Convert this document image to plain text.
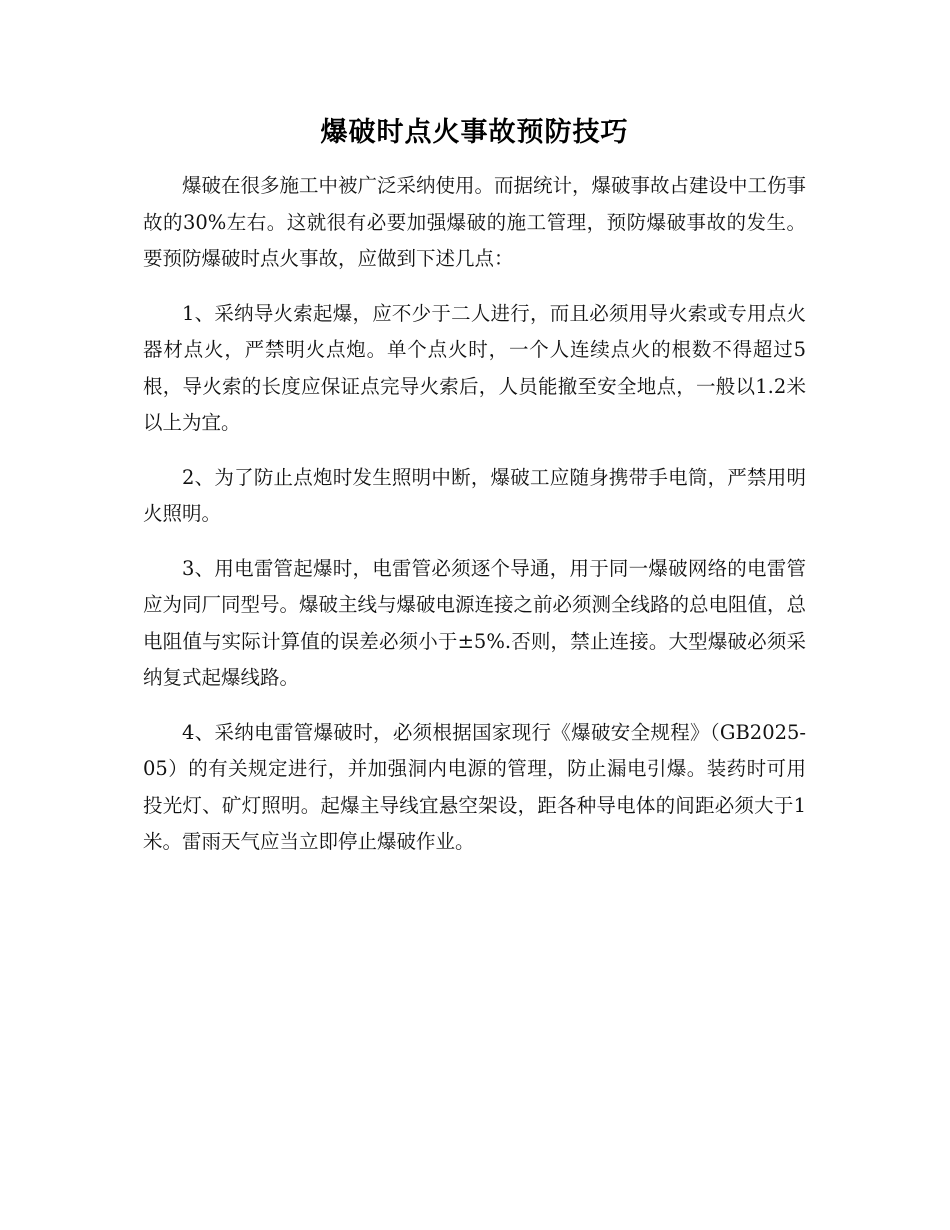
爆破时点火事故预防技巧

爆破在很多施工中被广泛采纳使用。而据统计，爆破事故占建设中工伤事故的30%左右。这就很有必要加强爆破的施工管理，预防爆破事故的发生。要预防爆破时点火事故，应做到下述几点：

1、采纳导火索起爆，应不少于二人进行，而且必须用导火索或专用点火器材点火，严禁明火点炮。单个点火时，一个人连续点火的根数不得超过5根，导火索的长度应保证点完导火索后，人员能撤至安全地点，一般以1.2米以上为宜。

2、为了防止点炮时发生照明中断，爆破工应随身携带手电筒，严禁用明火照明。

3、用电雷管起爆时，电雷管必须逐个导通，用于同一爆破网络的电雷管应为同厂同型号。爆破主线与爆破电源连接之前必须测全线路的总电阻值，总电阻值与实际计算值的误差必须小于±5%.否则，禁止连接。大型爆破必须采纳复式起爆线路。

4、采纳电雷管爆破时，必须根据国家现行《爆破安全规程》（GB2025-05）的有关规定进行，并加强洞内电源的管理，防止漏电引爆。装药时可用投光灯、矿灯照明。起爆主导线宜悬空架设，距各种导电体的间距必须大于1米。雷雨天气应当立即停止爆破作业。
